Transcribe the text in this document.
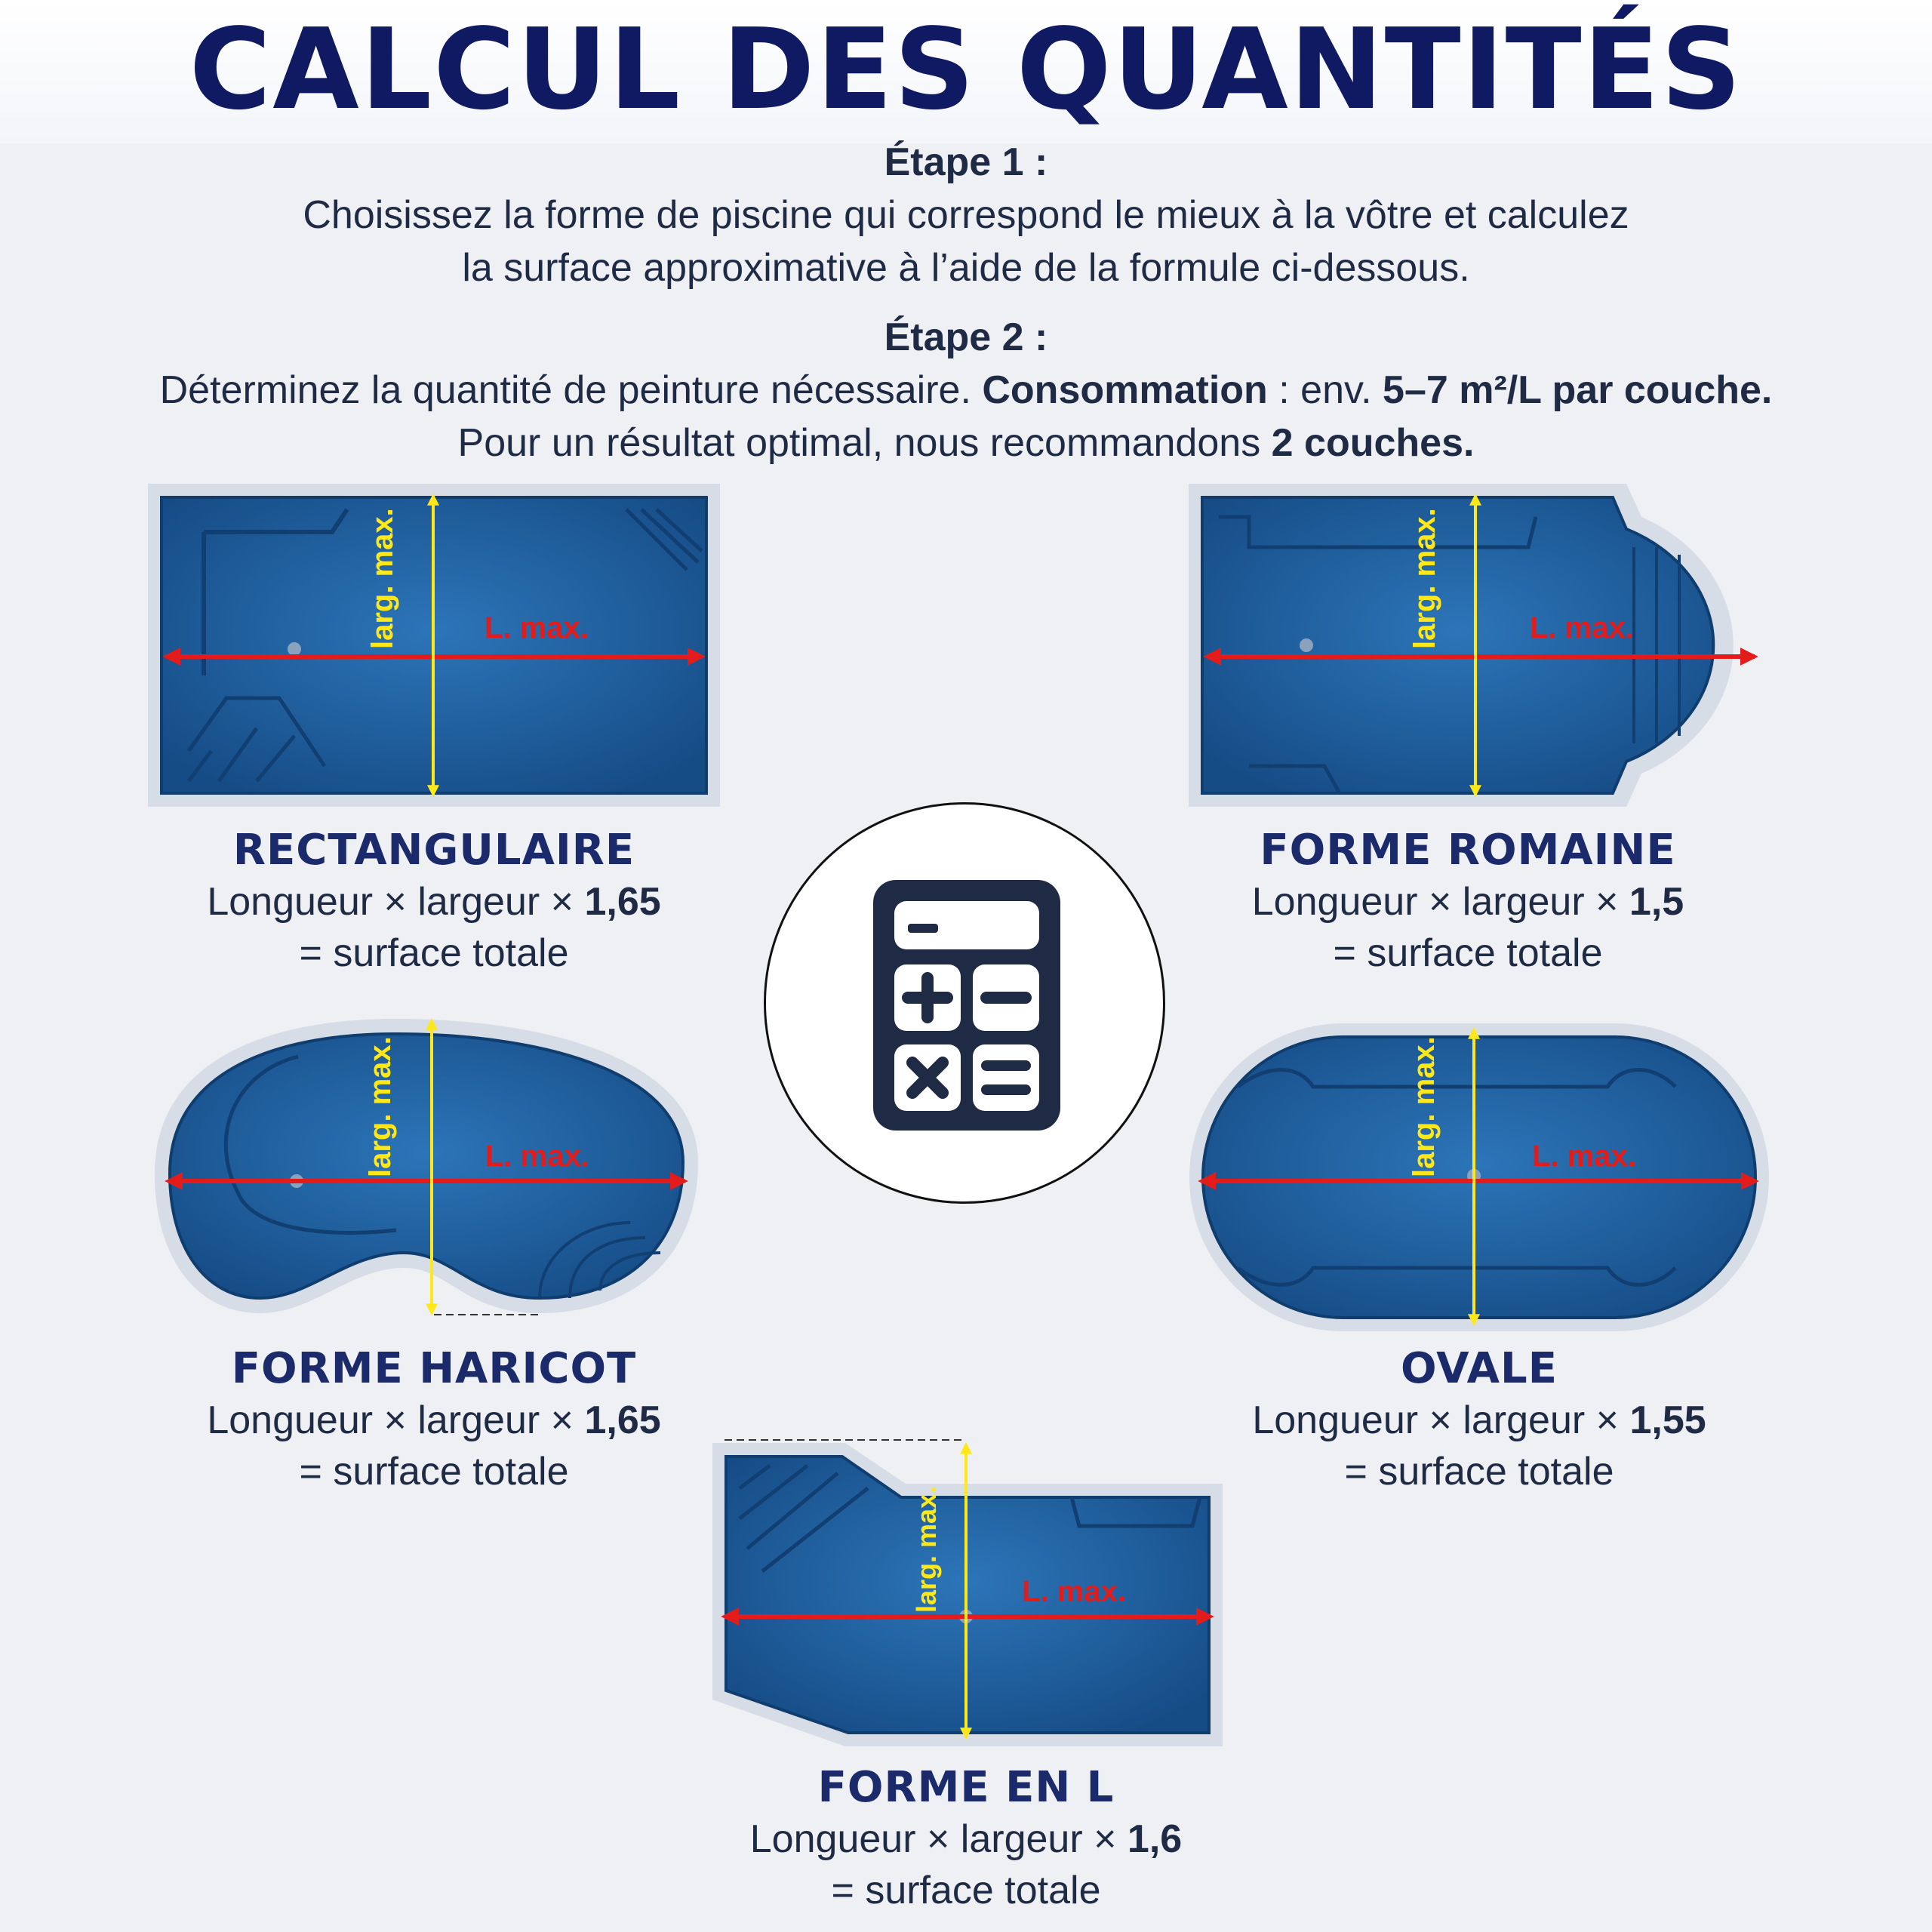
CALCUL DES QUANTITÉS
Étape 1 :
Choisissez la forme de piscine qui correspond le mieux à la vôtre et calculez
la surface approximative à l’aide de la formule ci-dessous.
Étape 2 :
Déterminez la quantité de peinture nécessaire. Consommation : env. 5–7 m²/L par couche.
Pour un résultat optimal, nous recommandons 2 couches.
larg. max.	L. max.
RECTANGULAIRE
Longueur × largeur × 1,65
= surface totale
larg. max.	L. max.
FORME ROMAINE
Longueur × largeur × 1,5
= surface totale
larg. max.	L. max.
FORME HARICOT
Longueur × largeur × 1,65
= surface totale
larg. max.	L. max.
OVALE
Longueur × largeur × 1,55
= surface totale
larg. max.	L. max.
FORME EN L
Longueur × largeur × 1,6
= surface totale
